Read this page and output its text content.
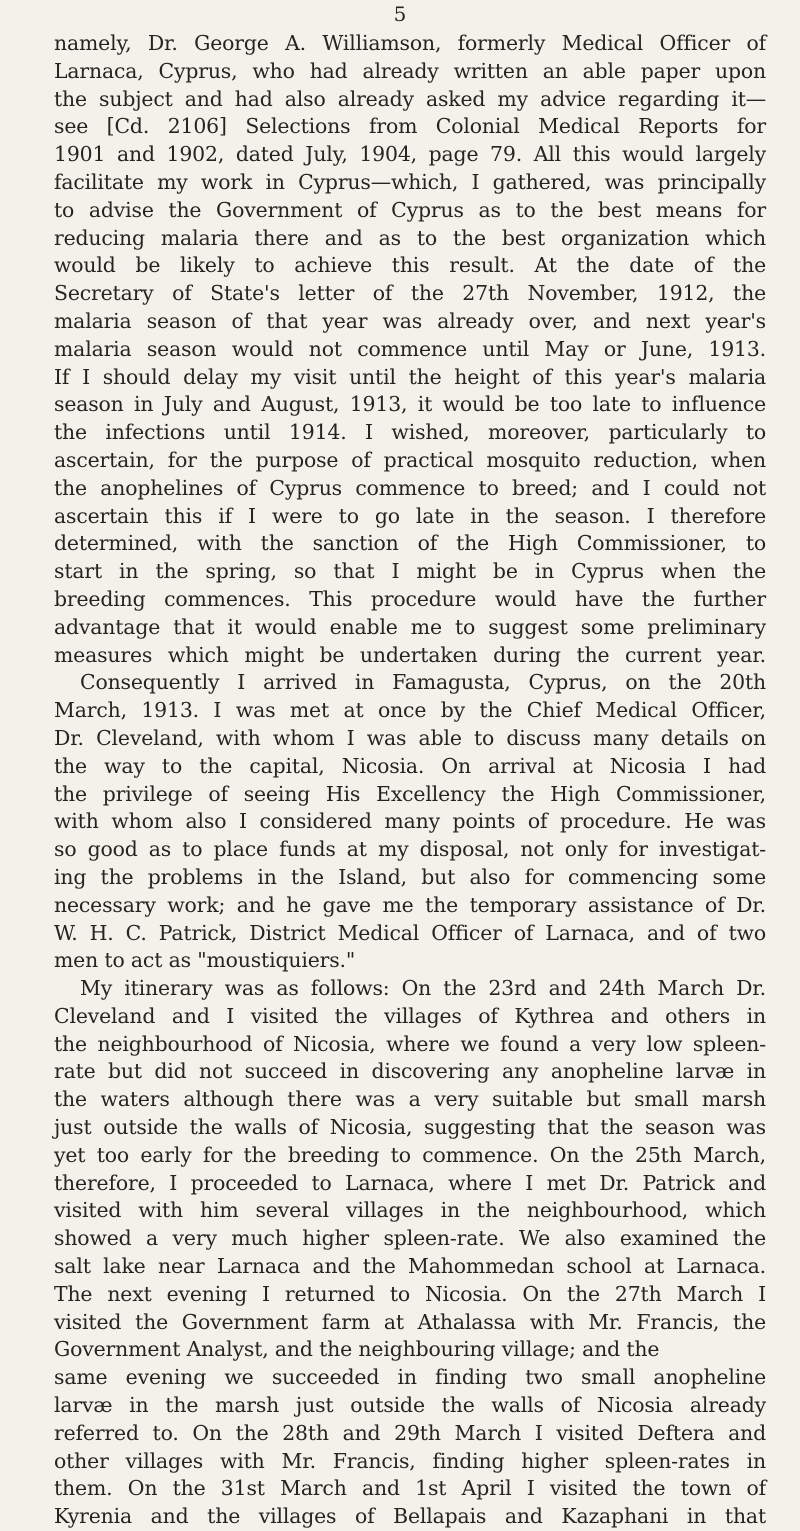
5
namely, Dr. George A. Williamson, formerly Medical Officer of
Larnaca, Cyprus, who had already written an able paper upon
the subject and had also already asked my advice regarding it—
see [Cd. 2106] Selections from Colonial Medical Reports for
1901 and 1902, dated July, 1904, page 79. All this would largely
facilitate my work in Cyprus—which, I gathered, was principally
to advise the Government of Cyprus as to the best means for
reducing malaria there and as to the best organization which
would be likely to achieve this result. At the date of the
Secretary of State's letter of the 27th November, 1912, the
malaria season of that year was already over, and next year's
malaria season would not commence until May or June, 1913.
If I should delay my visit until the height of this year's malaria
season in July and August, 1913, it would be too late to influence
the infections until 1914. I wished, moreover, particularly to
ascertain, for the purpose of practical mosquito reduction, when
the anophelines of Cyprus commence to breed; and I could not
ascertain this if I were to go late in the season. I therefore
determined, with the sanction of the High Commissioner, to
start in the spring, so that I might be in Cyprus when the
breeding commences. This procedure would have the further
advantage that it would enable me to suggest some preliminary
measures which might be undertaken during the current year.
Consequently I arrived in Famagusta, Cyprus, on the 20th
March, 1913. I was met at once by the Chief Medical Officer,
Dr. Cleveland, with whom I was able to discuss many details on
the way to the capital, Nicosia. On arrival at Nicosia I had
the privilege of seeing His Excellency the High Commissioner,
with whom also I considered many points of procedure. He was
so good as to place funds at my disposal, not only for investigat-
ing the problems in the Island, but also for commencing some
necessary work; and he gave me the temporary assistance of Dr.
W. H. C. Patrick, District Medical Officer of Larnaca, and of two
men to act as "moustiquiers."
My itinerary was as follows: On the 23rd and 24th March Dr.
Cleveland and I visited the villages of Kythrea and others in
the neighbourhood of Nicosia, where we found a very low spleen-
rate but did not succeed in discovering any anopheline larvæ in
the waters although there was a very suitable but small marsh
just outside the walls of Nicosia, suggesting that the season was
yet too early for the breeding to commence. On the 25th March,
therefore, I proceeded to Larnaca, where I met Dr. Patrick and
visited with him several villages in the neighbourhood, which
showed a very much higher spleen-rate. We also examined the
salt lake near Larnaca and the Mahommedan school at Larnaca.
The next evening I returned to Nicosia. On the 27th March I
visited the Government farm at Athalassa with Mr. Francis, the
Government Analyst, and the neighbouring village; and the
same evening we succeeded in finding two small anopheline
larvæ in the marsh just outside the walls of Nicosia already
referred to. On the 28th and 29th March I visited Deftera and
other villages with Mr. Francis, finding higher spleen-rates in
them. On the 31st March and 1st April I visited the town of
Kyrenia and the villages of Bellapais and Kazaphani in that
